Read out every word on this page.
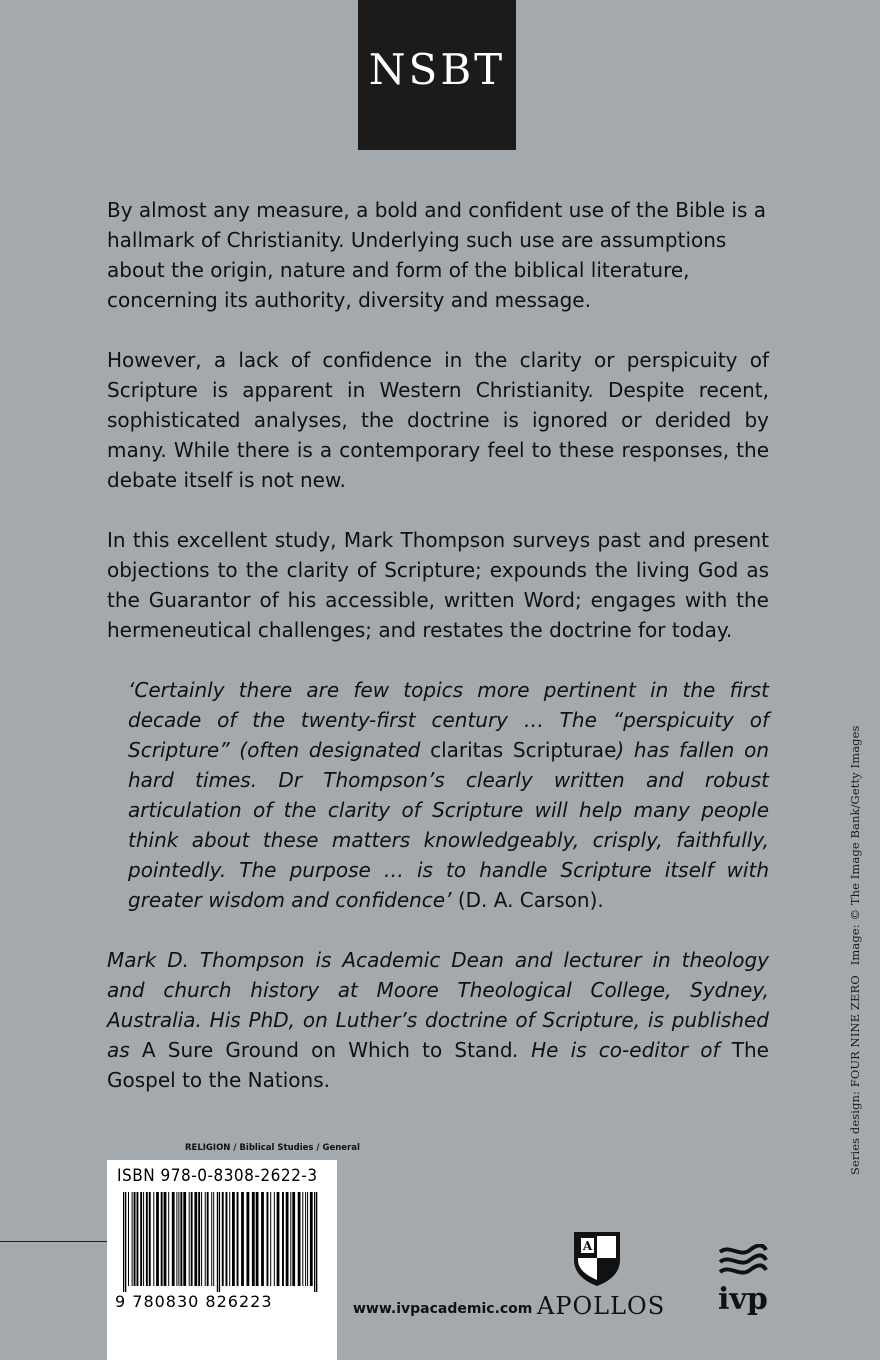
NSBT

By almost any measure, a bold and confident use of the Bible is a hallmark of Christianity. Underlying such use are assumptions about the origin, nature and form of the biblical literature, concerning its authority, diversity and message.

However, a lack of confidence in the clarity or perspicuity of Scripture is apparent in Western Christianity. Despite recent, sophisticated analyses, the doctrine is ignored or derided by many. While there is a contemporary feel to these responses, the debate itself is not new.

In this excellent study, Mark Thompson surveys past and present objections to the clarity of Scripture; expounds the living God as the Guarantor of his accessible, written Word; engages with the hermeneutical challenges; and restates the doctrine for today.

‘Certainly there are few topics more pertinent in the first decade of the twenty-first century … The “perspicuity of Scripture” (often designated claritas Scripturae) has fallen on hard times. Dr Thompson’s clearly written and robust articulation of the clarity of Scripture will help many people think about these matters knowledgeably, crisply, faithfully, pointedly. The purpose … is to handle Scripture itself with greater wisdom and confidence’ (D. A. Carson).

Mark D. Thompson is Academic Dean and lecturer in theology and church history at Moore Theological College, Sydney, Australia. His PhD, on Luther’s doctrine of Scripture, is published as A Sure Ground on Which to Stand. He is co-editor of The Gospel to the Nations.	Series design: FOUR NINE ZEROImage: © The Image Bank/Getty Images
RELIGION / Biblical Studies / General
ISBN 978-0-8308-2622-3
9 780830 826223	www.ivpacademic.com
A
APOLLOS ivp
